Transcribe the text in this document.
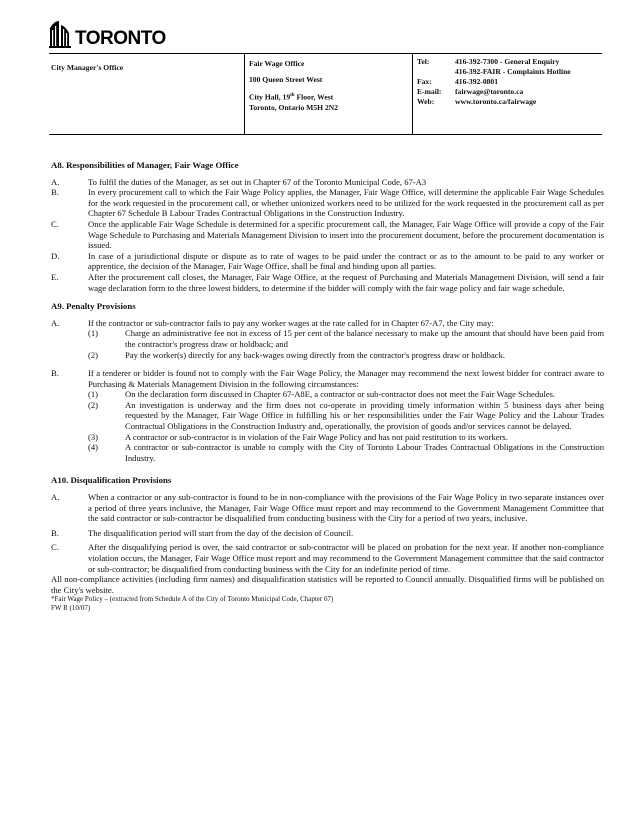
TORONTO
City Manager's Office	Fair Wage Office
100 Queen Street West
City Hall, 19th Floor, West
Toronto, Ontario M5H 2N2
Tel:	416-392-7300 - General Enquiry
416-392-FAIR - Complaints Hotline
Fax:	416-392-0801
E-mail:	fairwage@toronto.ca
Web:	www.toronto.ca/fairwage
A8. Responsibilities of Manager, Fair Wage Office
A.	To fulfil the duties of the Manager, as set out in Chapter 67 of the Toronto Municipal Code, 67-A3
B.	In every procurement call to which the Fair Wage Policy applies, the Manager, Fair Wage Office, will determine the applicable Fair Wage Schedules for the work requested in the procurement call, or whether unionized workers need to be utilized for the work requested in the procurement call as per Chapter 67 Schedule B Labour Trades Contractual Obligations in the Construction Industry.
C.	Once the applicable Fair Wage Schedule is determined for a specific procurement call, the Manager, Fair Wage Office will provide a copy of the Fair Wage Schedule to Purchasing and Materials Management Division to insert into the procurement document, before the procurement documentation is issued.
D.	In case of a jurisdictional dispute or dispute as to rate of wages to be paid under the contract or as to the amount to be paid to any worker or apprentice, the decision of the Manager, Fair Wage Office, shall be final and binding upon all parties.
E.	After the procurement call closes, the Manager, Fair Wage Office, at the request of Purchasing and Materials Management Division, will send a fair wage declaration form to the three lowest bidders, to determine if the bidder will comply with the fair wage policy and fair wage schedule.
A9. Penalty Provisions
A.	If the contractor or sub-contractor fails to pay any worker wages at the rate called for in Chapter 67-A7, the City may:
(1)	Charge an administrative fee not in excess of 15 per cent of the balance necessary to make up the amount that should have been paid from the contractor's progress draw or holdback; and
(2)	Pay the worker(s) directly for any back-wages owing directly from the contractor's progress draw or holdback.
B.	If a tenderer or bidder is found not to comply with the Fair Wage Policy, the Manager may recommend the next lowest bidder for contract aware to Purchasing & Materials Management Division in the following circumstances:
(1)	On the declaration form discussed in Chapter 67-A8E, a contractor or sub-contractor does not meet the Fair Wage Schedules.
(2)	An investigation is underway and the firm does not co-operate in providing timely information within 5 business days after being requested by the Manager, Fair Wage Office in fulfilling his or her responsibilities under the Fair Wage Policy and the Labour Trades Contractual Obligations in the Construction Industry and, operationally, the provision of goods and/or services cannot be delayed.
(3)	A contractor or sub-contractor is in violation of the Fair Wage Policy and has not paid restitution to its workers.
(4)	A contractor or sub-contractor is unable to comply with the City of Toronto Labour Trades Contractual Obligations in the Construction Industry.
A10. Disqualification Provisions
A.	When a contractor or any sub-contractor is found to be in non-compliance with the provisions of the Fair Wage Policy in two separate instances over a period of three years inclusive, the Manager, Fair Wage Office must report and may recommend to the Government Management Committee that the said contractor or sub-contractor be disqualified from conducting business with the City for a period of two years, inclusive.
B.	The disqualification period will start from the day of the decision of Council.
C.	After the disqualifying period is over, the said contractor or sub-contractor will be placed on probation for the next year. If another non-compliance violation occurs, the Manager, Fair Wage Office must report and may recommend to the Government Management committee that the said contractor or sub-contractor; be disqualified from conducting business with the City for an indefinite period of time.
All non-compliance activities (including firm names) and disqualification statistics will be reported to Council annually. Disqualified firms will be published on the City's website.
*Fair Wage Policy – (extracted from Schedule A of the City of Toronto Municipal Code, Chapter 67)
FW R (10/07)
